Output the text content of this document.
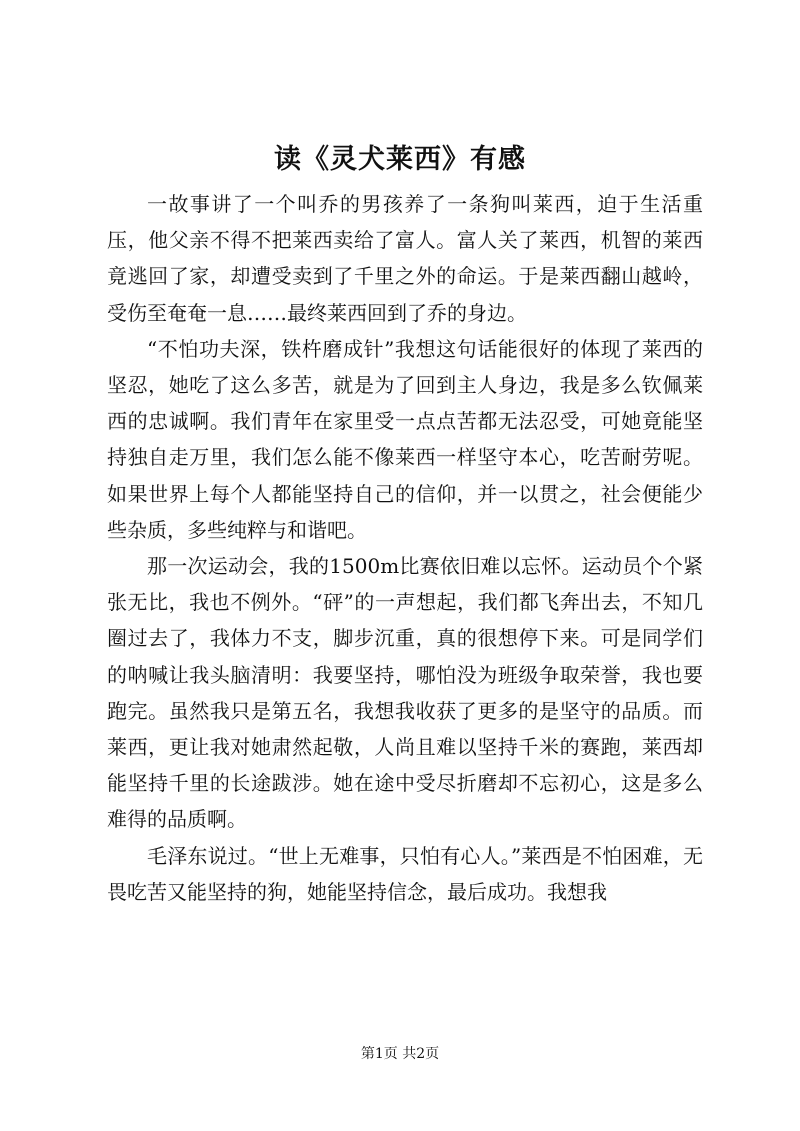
读《灵犬莱西》有感

一故事讲了一个叫乔的男孩养了一条狗叫莱西，迫于生活重压，他父亲不得不把莱西卖给了富人。富人关了莱西，机智的莱西竟逃回了家，却遭受卖到了千里之外的命运。于是莱西翻山越岭，受伤至奄奄一息……最终莱西回到了乔的身边。

“不怕功夫深，铁杵磨成针”我想这句话能很好的体现了莱西的坚忍，她吃了这么多苦，就是为了回到主人身边，我是多么钦佩莱西的忠诚啊。我们青年在家里受一点点苦都无法忍受，可她竟能坚持独自走万里，我们怎么能不像莱西一样坚守本心，吃苦耐劳呢。如果世界上每个人都能坚持自己的信仰，并一以贯之，社会便能少些杂质，多些纯粹与和谐吧。

那一次运动会，我的1500m比赛依旧难以忘怀。运动员个个紧张无比，我也不例外。“砰”的一声想起，我们都飞奔出去，不知几圈过去了，我体力不支，脚步沉重，真的很想停下来。可是同学们的呐喊让我头脑清明：我要坚持，哪怕没为班级争取荣誉，我也要跑完。虽然我只是第五名，我想我收获了更多的是坚守的品质。而莱西，更让我对她肃然起敬，人尚且难以坚持千米的赛跑，莱西却能坚持千里的长途跋涉。她在途中受尽折磨却不忘初心，这是多么难得的品质啊。

毛泽东说过。“世上无难事，只怕有心人。”莱西是不怕困难，无畏吃苦又能坚持的狗，她能坚持信念，最后成功。我想我

第1页 共2页
